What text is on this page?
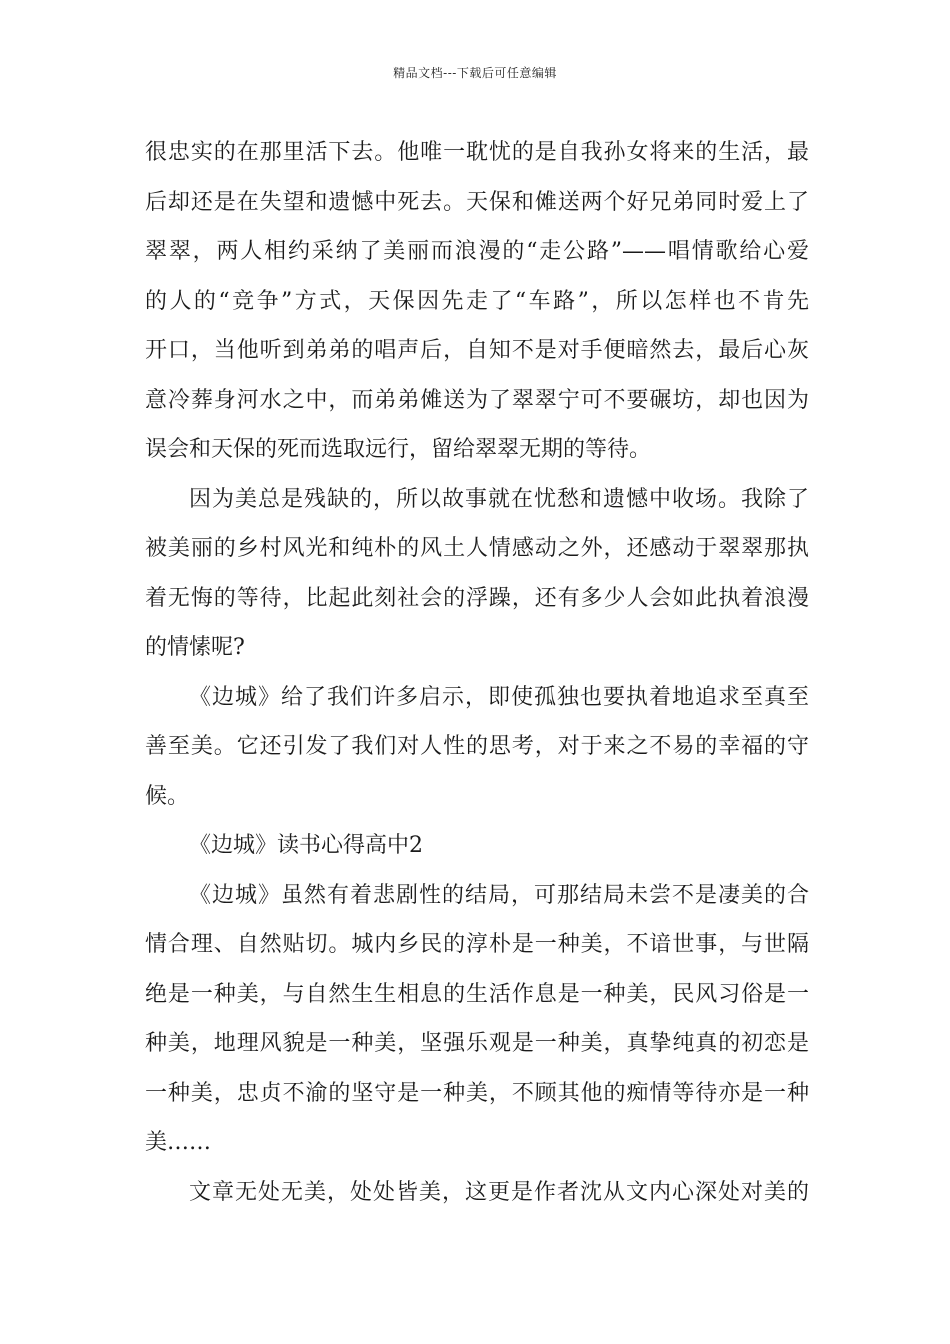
精品文档---下载后可任意编辑
很忠实的在那里活下去。他唯一耽忧的是自我孙女将来的生活，最
后却还是在失望和遗憾中死去。天保和傩送两个好兄弟同时爱上了
翠翠，两人相约采纳了美丽而浪漫的“走公路”——唱情歌给心爱
的人的“竞争”方式，天保因先走了“车路”，所以怎样也不肯先
开口，当他听到弟弟的唱声后，自知不是对手便暗然去，最后心灰
意冷葬身河水之中，而弟弟傩送为了翠翠宁可不要碾坊，却也因为
误会和天保的死而选取远行，留给翠翠无期的等待。
因为美总是残缺的，所以故事就在忧愁和遗憾中收场。我除了
被美丽的乡村风光和纯朴的风土人情感动之外，还感动于翠翠那执
着无悔的等待，比起此刻社会的浮躁，还有多少人会如此执着浪漫
的情愫呢?
《边城》给了我们许多启示，即使孤独也要执着地追求至真至
善至美。它还引发了我们对人性的思考，对于来之不易的幸福的守
候。
《边城》读书心得高中2
《边城》虽然有着悲剧性的结局，可那结局未尝不是凄美的合
情合理、自然贴切。城内乡民的淳朴是一种美，不谙世事，与世隔
绝是一种美，与自然生生相息的生活作息是一种美，民风习俗是一
种美，地理风貌是一种美，坚强乐观是一种美，真挚纯真的初恋是
一种美，忠贞不渝的坚守是一种美，不顾其他的痴情等待亦是一种
美……
文章无处无美，处处皆美，这更是作者沈从文内心深处对美的
